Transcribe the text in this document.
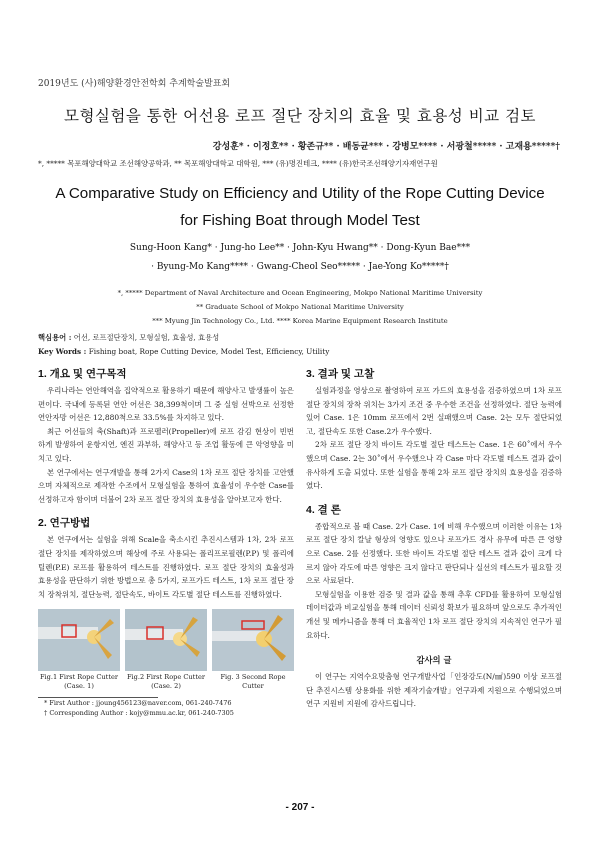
2019년도 (사)해양환경안전학회 추계학술발표회
모형실험을 통한 어선용 로프 절단 장치의 효율 및 효용성 비교 검토
강성훈* · 이정호** · 황존규** · 배동균*** · 강병모**** · 서광철***** · 고재용*****†
*, ***** 목포해양대학교 조선해양공학과, ** 목포해양대학교 대학원, *** (유)명진테크, **** (유)한국조선해양기자재연구원
A Comparative Study on Efficiency and Utility of the Rope Cutting Device
for Fishing Boat through Model Test
Sung-Hoon Kang* · Jung-ho Lee** · John-Kyu Hwang** · Dong-Kyun Bae***
· Byung-Mo Kang**** · Gwang-Cheol Seo***** · Jae-Yong Ko*****†
*, ***** Department of Naval Architecture and Ocean Engineering, Mokpo National Maritime University
** Graduate School of Mokpo National Maritime University
*** Myung Jin Technology Co., Ltd. **** Korea Marine Equipment Research Institute
핵심용어 : 어선, 로프절단장치, 모형실험, 효율성, 효용성
Key Words : Fishing boat, Rope Cutting Device, Model Test, Efficiency, Utility
1. 개요 및 연구목적

우리나라는 연안해역을 집약적으로 활용하기 때문에 해양사고 발생률이 높은 편이다. 국내에 등록된 연안 어선은 38,399척이며 그 중 실험 선박으로 선정한 연안자망 어선은 12,880척으로 33.5%를 차지하고 있다.

최근 어선들의 축(Shaft)과 프로펠러(Propeller)에 로프 감김 현상이 빈번하게 발생하여 운항지연, 엔진 과부하, 해양사고 등 조업 활동에 큰 악영향을 미치고 있다.

본 연구에서는 연구개발을 통해 2가지 Case의 1차 로프 절단 장치를 고안했으며 자체적으로 제작한 수조에서 모형실험을 통하여 효율성이 우수한 Case를 선정하고자 함이며 더불어 2차 로프 절단 장치의 효용성을 알아보고자 한다.

2. 연구방법

본 연구에서는 실험을 위해 Scale을 축소시킨 추진시스템과 1차, 2차 로프 절단 장치를 제작하였으며 해상에 주로 사용되는 폴리프로필렌(P.P) 및 폴리에틸렌(P.E) 로프를 활용하여 테스트를 진행하였다. 로프 절단 장치의 효율성과 효용성을 판단하기 위한 방법으로 총 5가지, 로프가드 테스트, 1차 로프 절단 장치 장착위치, 절단능력, 절단속도, 바이트 각도별 절단 테스트를 진행하였다.

Fig.1 First Rope Cutter (Case. 1)
Fig.2 First Rope Cutter (Case. 2)
Fig. 3 Second Rope Cutter
* First Author : jjoung456123@naver.com, 061-240-7476
† Corresponding Author : kojy@mmu.ac.kr, 061-240-7305
3. 결과 및 고찰

실험과정을 영상으로 촬영하여 로프 가드의 효용성을 검증하였으며 1차 로프 절단 장치의 장착 위치는 3가지 조건 중 우수한 조건을 선정하였다. 절단 능력에 있어 Case. 1은 10mm 로프에서 2번 실패했으며 Case. 2는 모두 절단되었고, 절단속도 또한 Case.2가 우수했다.

2차 로프 절단 장치 바이트 각도별 절단 테스트는 Case. 1은 60˚에서 우수했으며 Case. 2는 30˚에서 우수했으나 각 Case 마다 각도별 테스트 결과 값이 유사하게 도출 되었다. 또한 실험을 통해 2차 로프 절단 장치의 효용성을 검증하였다.

4. 결 론

종합적으로 볼 때 Case. 2가 Case. 1에 비해 우수했으며 이러한 이유는 1차 로프 절단 장치 칼날 형상의 영향도 있으나 로프가드 경사 유무에 따른 큰 영향으로 Case. 2를 선정했다. 또한 바이트 각도별 절단 테스트 결과 값이 크게 다르지 않아 각도에 따른 영향은 크지 않다고 판단되나 실선의 테스트가 필요할 것으로 사료된다.

모형실험을 이용한 검증 및 결과 값을 통해 추후 CFD를 활용하여 모형실험 데이터값과 비교실험을 통해 데이터 신뢰성 확보가 필요하며 앞으로도 추가적인 개선 및 메카니즘을 통해 더 효율적인 1차 로프 절단 장치의 지속적인 연구가 필요하다.

감사의 글

이 연구는 지역수요맞춤형 연구개발사업「인장강도(N/㎟)590 이상 로프절단 추진시스템 상용화를 위한 제작기술개발」연구과제 지원으로 수행되었으며 연구 지원비 지원에 감사드립니다.

- 207 -
